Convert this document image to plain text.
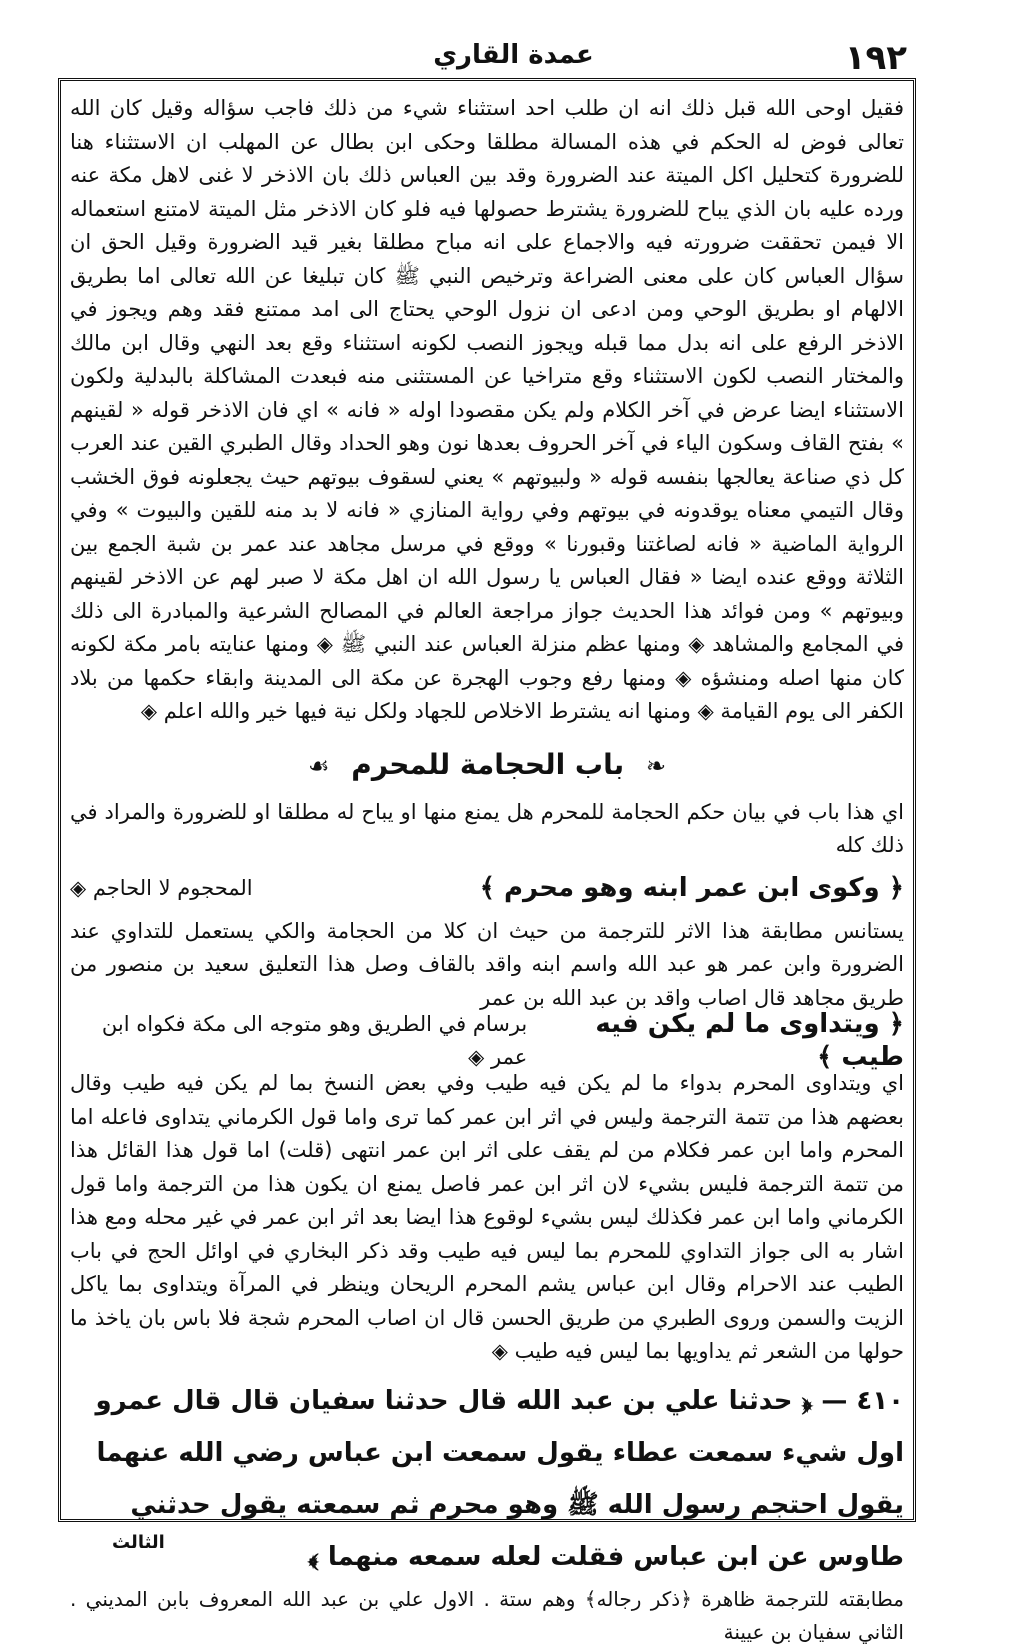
عمدة القاري	۱۹۲

فقيل اوحى الله قبل ذلك انه ان طلب احد استثناء شيء من ذلك فاجب سؤاله وقيل كان الله تعالى فوض له الحكم في هذه المسالة مطلقا وحكى ابن بطال عن المهلب ان الاستثناء هنا للضرورة كتحليل اكل الميتة عند الضرورة وقد بين العباس ذلك بان الاذخر لا غنى لاهل مكة عنه ورده عليه بان الذي يباح للضرورة يشترط حصولها فيه فلو كان الاذخر مثل الميتة لامتنع استعماله الا فيمن تحققت ضرورته فيه والاجماع على انه مباح مطلقا بغير قيد الضرورة وقيل الحق ان سؤال العباس كان على معنى الضراعة وترخيص النبي ﷺ كان تبليغا عن الله تعالى اما بطريق الالهام او بطريق الوحي ومن ادعى ان نزول الوحي يحتاج الى امد ممتنع فقد وهم ويجوز في الاذخر الرفع على انه بدل مما قبله ويجوز النصب لكونه استثناء وقع بعد النهي وقال ابن مالك والمختار النصب لكون الاستثناء وقع متراخيا عن المستثنى منه فبعدت المشاكلة بالبدلية ولكون الاستثناء ايضا عرض في آخر الكلام ولم يكن مقصودا اوله « فانه » اي فان الاذخر قوله « لقينهم » بفتح القاف وسكون الياء في آخر الحروف بعدها نون وهو الحداد وقال الطبري القين عند العرب كل ذي صناعة يعالجها بنفسه قوله « ولبيوتهم » يعني لسقوف بيوتهم حيث يجعلونه فوق الخشب وقال التيمي معناه يوقدونه في بيوتهم وفي رواية المنازي « فانه لا بد منه للقين والبيوت » وفي الرواية الماضية « فانه لصاغتنا وقبورنا » ووقع في مرسل مجاهد عند عمر بن شبة الجمع بين الثلاثة ووقع عنده ايضا « فقال العباس يا رسول الله ان اهل مكة لا صبر لهم عن الاذخر لقينهم وبيوتهم » ومن فوائد هذا الحديث جواز مراجعة العالم في المصالح الشرعية والمبادرة الى ذلك في المجامع والمشاهد ◈ ومنها عظم منزلة العباس عند النبي ﷺ ◈ ومنها عنايته بامر مكة لكونه كان منها اصله ومنشؤه ◈ ومنها رفع وجوب الهجرة عن مكة الى المدينة وابقاء حكمها من بلاد الكفر الى يوم القيامة ◈ ومنها انه يشترط الاخلاص للجهاد ولكل نية فيها خير والله اعلم ◈

❧ باب الحجامة للمحرم ☙

اي هذا باب في بيان حكم الحجامة للمحرم هل يمنع منها او يباح له مطلقا او للضرورة والمراد في ذلك كله

﴿ وكوى ابن عمر ابنه وهو محرم ﴾
المحجوم لا الحاجم ◈

يستانس مطابقة هذا الاثر للترجمة من حيث ان كلا من الحجامة والكي يستعمل للتداوي عند الضرورة وابن عمر هو عبد الله واسم ابنه واقد بالقاف وصل هذا التعليق سعيد بن منصور من طريق مجاهد قال اصاب واقد بن عبد الله بن عمر

﴿ ويتداوى ما لم يكن فيه طيب ﴾
برسام في الطريق وهو متوجه الى مكة فكواه ابن عمر ◈

اي ويتداوى المحرم بدواء ما لم يكن فيه طيب وفي بعض النسخ بما لم يكن فيه طيب وقال بعضهم هذا من تتمة الترجمة وليس في اثر ابن عمر كما ترى واما قول الكرماني يتداوى فاعله اما المحرم واما ابن عمر فكلام من لم يقف على اثر ابن عمر انتهى (قلت) اما قول هذا القائل هذا من تتمة الترجمة فليس بشيء لان اثر ابن عمر فاصل يمنع ان يكون هذا من الترجمة واما قول الكرماني واما ابن عمر فكذلك ليس بشيء لوقوع هذا ايضا بعد اثر ابن عمر في غير محله ومع هذا اشار به الى جواز التداوي للمحرم بما ليس فيه طيب وقد ذكر البخاري في اوائل الحج في باب الطيب عند الاحرام وقال ابن عباس يشم المحرم الريحان وينظر في المرآة ويتداوى بما ياكل الزيت والسمن وروى الطبري من طريق الحسن قال ان اصاب المحرم شجة فلا باس بان ياخذ ما حولها من الشعر ثم يداويها بما ليس فيه طيب ◈

٤١٠ — ﴿ حدثنا علي بن عبد الله قال حدثنا سفيان قال قال عمرو اول شيء سمعت عطاء يقول سمعت ابن عباس رضي الله عنهما يقول احتجم رسول الله ﷺ وهو محرم ثم سمعته يقول حدثني طاوس عن ابن عباس فقلت لعله سمعه منهما ﴾

مطابقته للترجمة ظاهرة ﴿ذكر رجاله﴾ وهم ستة . الاول علي بن عبد الله المعروف بابن المديني . الثاني سفيان بن عيينة

الثالث
